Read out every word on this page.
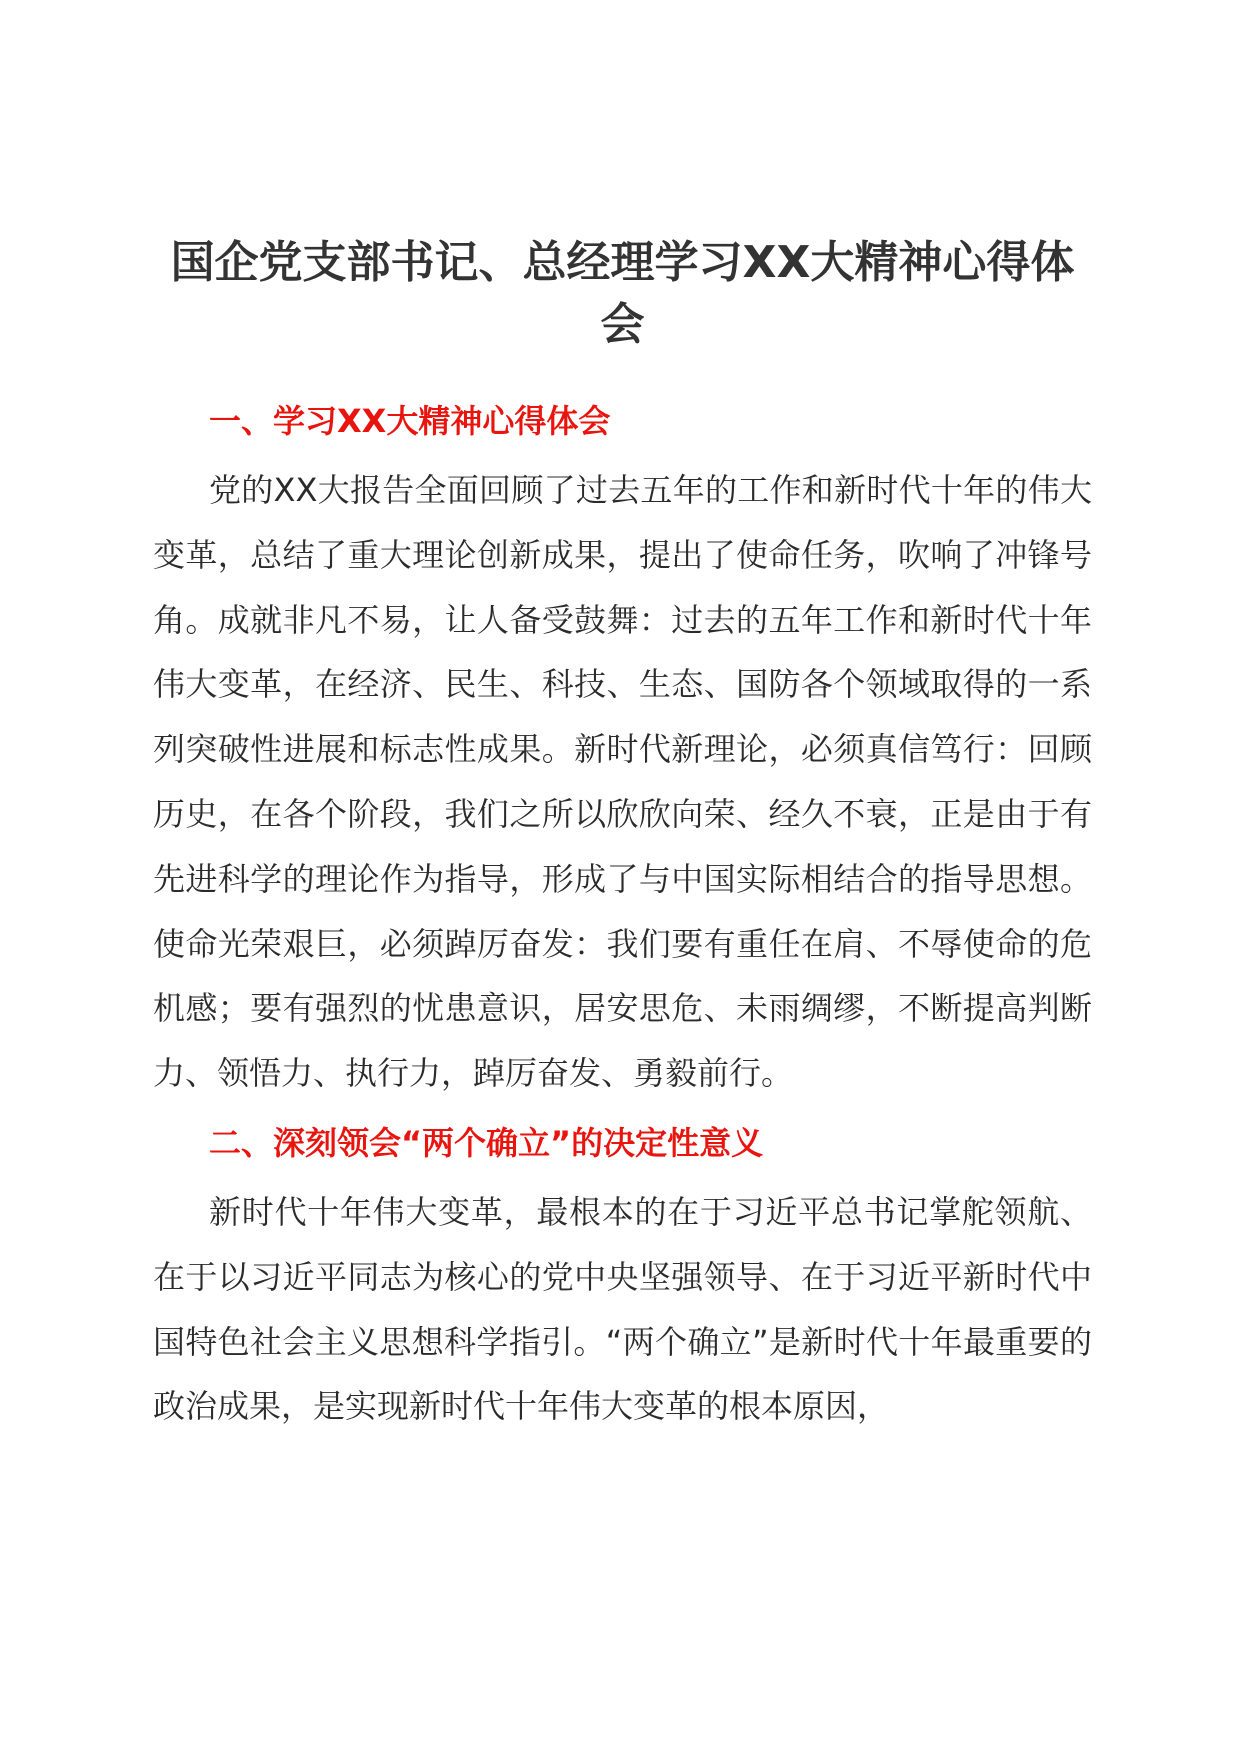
国企党支部书记、总经理学习XX大精神心得体会
一、学习XX大精神心得体会

党的XX大报告全面回顾了过去五年的工作和新时代十年的伟大变革，总结了重大理论创新成果，提出了使命任务，吹响了冲锋号角。成就非凡不易，让人备受鼓舞：过去的五年工作和新时代十年伟大变革，在经济、民生、科技、生态、国防各个领域取得的一系列突破性进展和标志性成果。新时代新理论，必须真信笃行：回顾历史，在各个阶段，我们之所以欣欣向荣、经久不衰，正是由于有先进科学的理论作为指导，形成了与中国实际相结合的指导思想。使命光荣艰巨，必须踔厉奋发：我们要有重任在肩、不辱使命的危机感；要有强烈的忧患意识，居安思危、未雨绸缪，不断提高判断力、领悟力、执行力，踔厉奋发、勇毅前行。

二、深刻领会“两个确立”的决定性意义

新时代十年伟大变革，最根本的在于习近平总书记掌舵领航、在于以习近平同志为核心的党中央坚强领导、在于习近平新时代中国特色社会主义思想科学指引。“两个确立”是新时代十年最重要的政治成果，是实现新时代十年伟大变革的根本原因，
